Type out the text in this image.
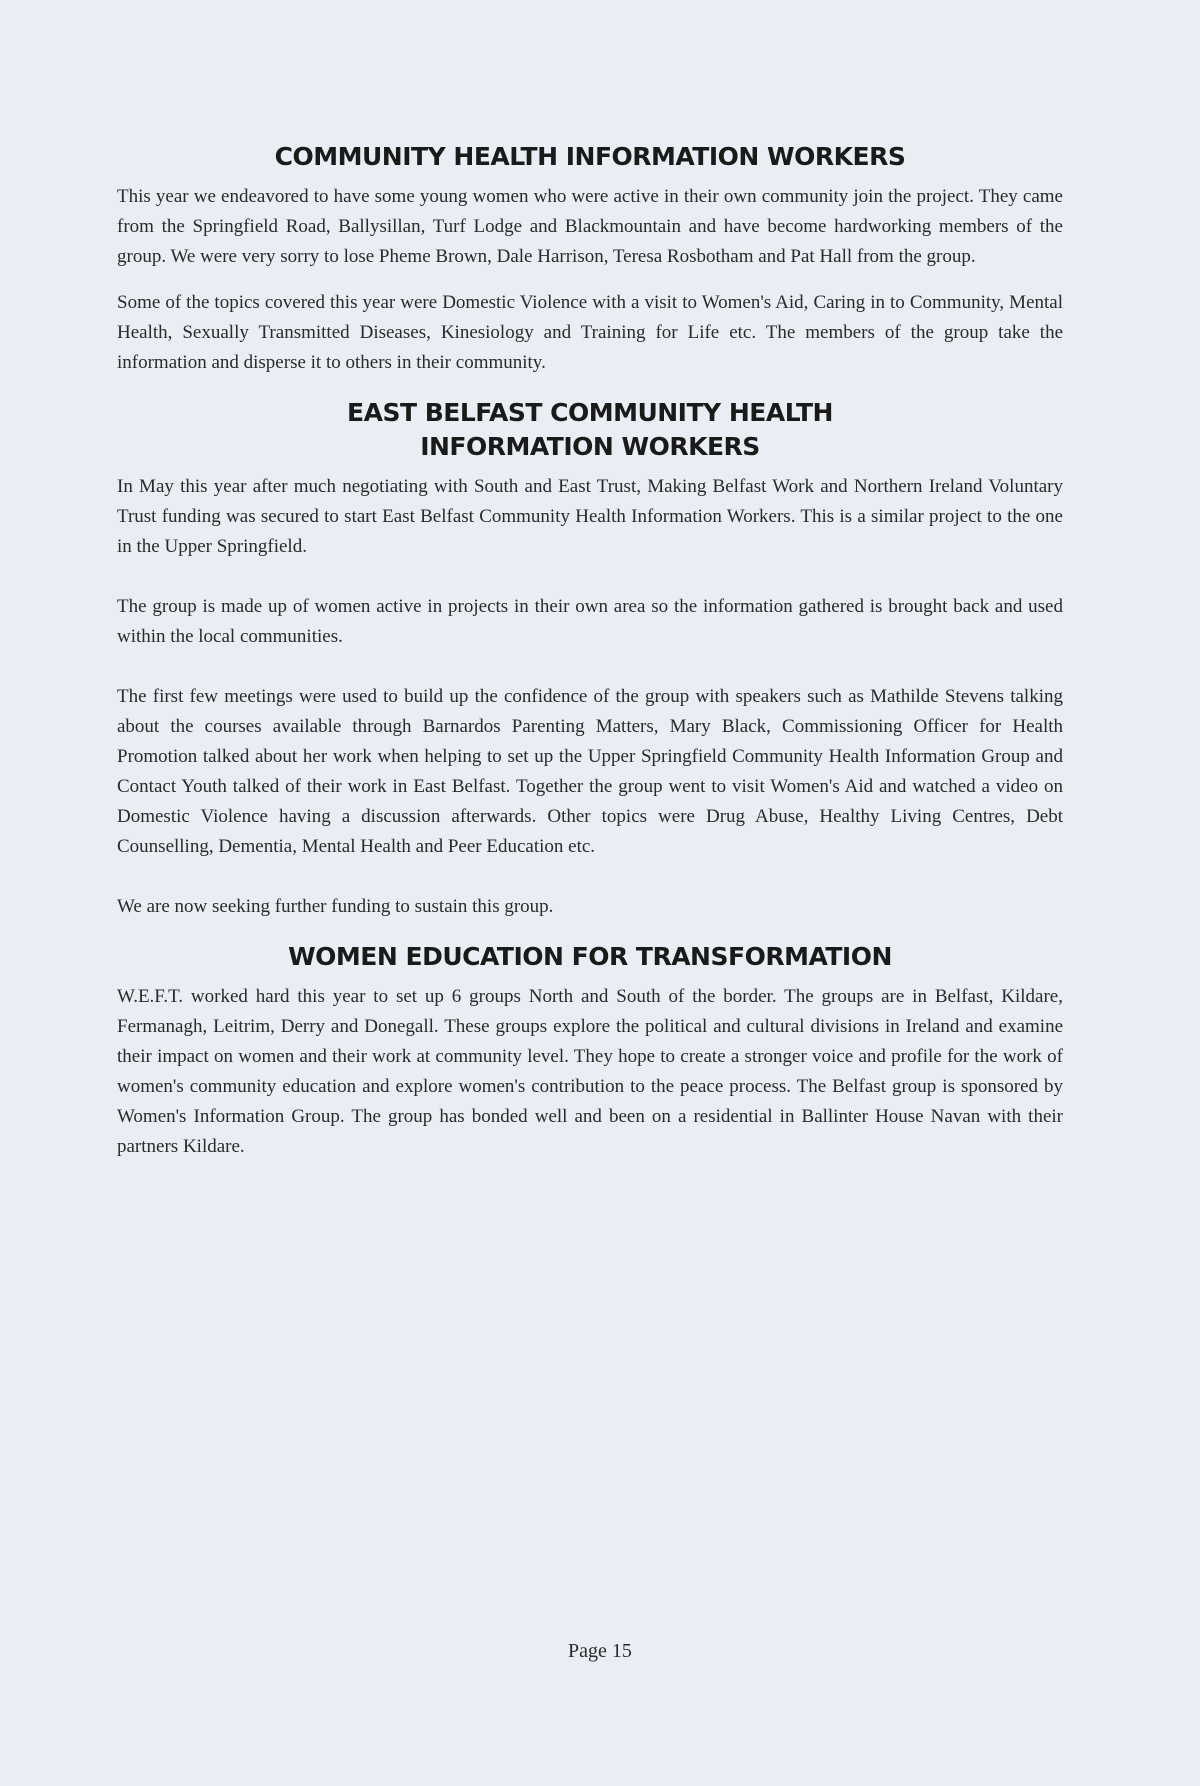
COMMUNITY HEALTH INFORMATION WORKERS

This year we endeavored to have some young women who were active in their own community join the project. They came from the Springfield Road, Ballysillan, Turf Lodge and Blackmountain and have become hardworking members of the group. We were very sorry to lose Pheme Brown, Dale Harrison, Teresa Rosbotham and Pat Hall from the group.

Some of the topics covered this year were Domestic Violence with a visit to Women's Aid, Caring in to Community, Mental Health, Sexually Transmitted Diseases, Kinesiology and Training for Life etc. The members of the group take the information and disperse it to others in their community.

EAST BELFAST COMMUNITY HEALTH
INFORMATION WORKERS

In May this year after much negotiating with South and East Trust, Making Belfast Work and Northern Ireland Voluntary Trust funding was secured to start East Belfast Community Health Information Workers. This is a similar project to the one in the Upper Springfield.

The group is made up of women active in projects in their own area so the information gathered is brought back and used within the local communities.

The first few meetings were used to build up the confidence of the group with speakers such as Mathilde Stevens talking about the courses available through Barnardos Parenting Matters, Mary Black, Commissioning Officer for Health Promotion talked about her work when helping to set up the Upper Springfield Community Health Information Group and Contact Youth talked of their work in East Belfast. Together the group went to visit Women's Aid and watched a video on Domestic Violence having a discussion afterwards. Other topics were Drug Abuse, Healthy Living Centres, Debt Counselling, Dementia, Mental Health and Peer Education etc.

We are now seeking further funding to sustain this group.

WOMEN EDUCATION FOR TRANSFORMATION

W.E.F.T. worked hard this year to set up 6 groups North and South of the border. The groups are in Belfast, Kildare, Fermanagh, Leitrim, Derry and Donegall. These groups explore the political and cultural divisions in Ireland and examine their impact on women and their work at community level. They hope to create a stronger voice and profile for the work of women's community education and explore women's contribution to the peace process. The Belfast group is sponsored by Women's Information Group. The group has bonded well and been on a residential in Ballinter House Navan with their partners Kildare.

Page 15
